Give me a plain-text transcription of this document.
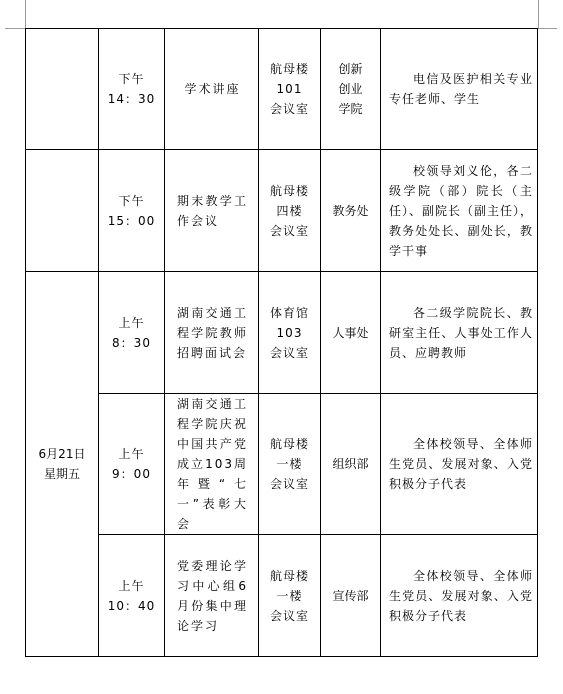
	下午
14：30	学术讲座	航母楼
101
会议室	创新
创业
学院	电信及医护相关专业专任老师、学生

	下午
15：00	期末教学工作会议	航母楼
四楼
会议室	教务处	校领导刘义伦，各二级学院（部）院长（主任）、副院长（副主任），教务处处长、副处长，教学干事

6月21日
星期五	上午
8：30	湖南交通工程学院教师招聘面试会	体育馆
103
会议室	人事处	各二级学院院长、教研室主任、人事处工作人员、应聘教师

	上午
9：00	湖南交通工程学院庆祝中国共产党成立103周年暨“七一”表彰大会	航母楼
一楼
会议室	组织部	全体校领导、全体师生党员、发展对象、入党积极分子代表

	上午
10：40	党委理论学习中心组6月份集中理论学习	航母楼
一楼
会议室	宣传部	全体校领导、全体师生党员、发展对象、入党积极分子代表
